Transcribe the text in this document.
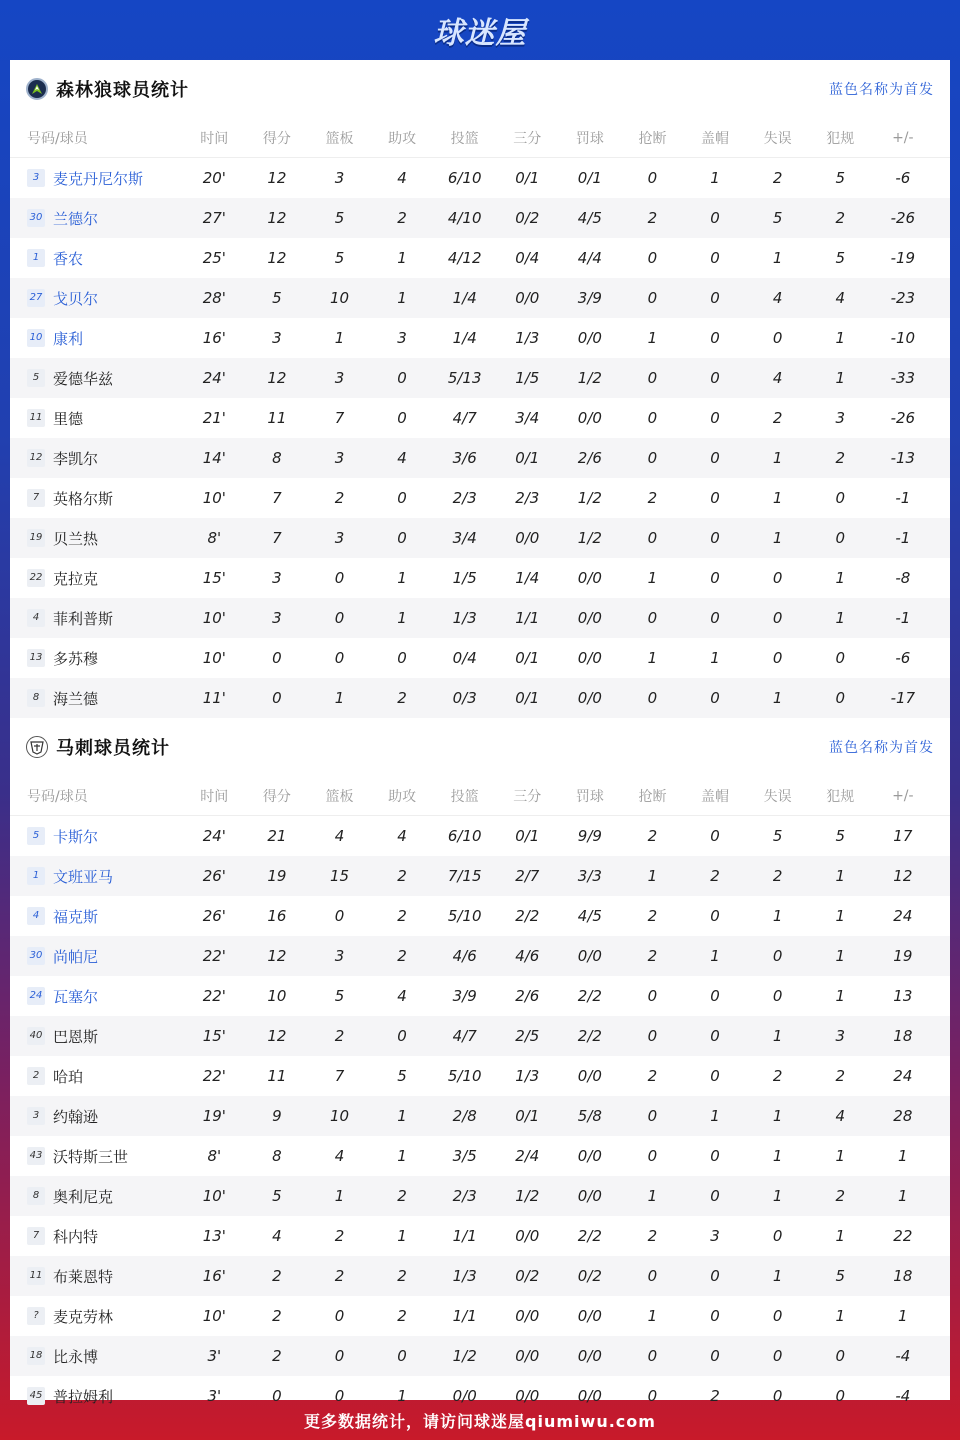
球迷屋
森林狼球员统计	蓝色名称为首发
号码/球员	时间	得分	篮板	助攻	投篮	三分	罚球	抢断	盖帽	失误	犯规	+/-
3 麦克丹尼尔斯	20'	12	3	4	6/10	0/1	0/1	0	1	2	5	-6
30 兰德尔	27'	12	5	2	4/10	0/2	4/5	2	0	5	2	-26
1 香农	25'	12	5	1	4/12	0/4	4/4	0	0	1	5	-19
27 戈贝尔	28'	5	10	1	1/4	0/0	3/9	0	0	4	4	-23
10 康利	16'	3	1	3	1/4	1/3	0/0	1	0	0	1	-10
5 爱德华兹	24'	12	3	0	5/13	1/5	1/2	0	0	4	1	-33
11 里德	21'	11	7	0	4/7	3/4	0/0	0	0	2	3	-26
12 李凯尔	14'	8	3	4	3/6	0/1	2/6	0	0	1	2	-13
7 英格尔斯	10'	7	2	0	2/3	2/3	1/2	2	0	1	0	-1
19 贝兰热	8'	7	3	0	3/4	0/0	1/2	0	0	1	0	-1
22 克拉克	15'	3	0	1	1/5	1/4	0/0	1	0	0	1	-8
4 菲利普斯	10'	3	0	1	1/3	1/1	0/0	0	0	0	1	-1
13 多苏穆	10'	0	0	0	0/4	0/1	0/0	1	1	0	0	-6
8 海兰德	11'	0	1	2	0/3	0/1	0/0	0	0	1	0	-17
马刺球员统计	蓝色名称为首发
号码/球员	时间	得分	篮板	助攻	投篮	三分	罚球	抢断	盖帽	失误	犯规	+/-
5 卡斯尔	24'	21	4	4	6/10	0/1	9/9	2	0	5	5	17
1 文班亚马	26'	19	15	2	7/15	2/7	3/3	1	2	2	1	12
4 福克斯	26'	16	0	2	5/10	2/2	4/5	2	0	1	1	24
30 尚帕尼	22'	12	3	2	4/6	4/6	0/0	2	1	0	1	19
24 瓦塞尔	22'	10	5	4	3/9	2/6	2/2	0	0	0	1	13
40 巴恩斯	15'	12	2	0	4/7	2/5	2/2	0	0	1	3	18
2 哈珀	22'	11	7	5	5/10	1/3	0/0	2	0	2	2	24
3 约翰逊	19'	9	10	1	2/8	0/1	5/8	0	1	1	4	28
43 沃特斯三世	8'	8	4	1	3/5	2/4	0/0	0	0	1	1	1
8 奥利尼克	10'	5	1	2	2/3	1/2	0/0	1	0	1	2	1
7 科内特	13'	4	2	1	1/1	0/0	2/2	2	3	0	1	22
11 布莱恩特	16'	2	2	2	1/3	0/2	0/2	0	0	1	5	18
? 麦克劳林	10'	2	0	2	1/1	0/0	0/0	1	0	0	1	1
18 比永博	3'	2	0	0	1/2	0/0	0/0	0	0	0	0	-4
45 普拉姆利	3'	0	0	1	0/0	0/0	0/0	0	2	0	0	-4
更多数据统计，请访问球迷屋qiumiwu.com
